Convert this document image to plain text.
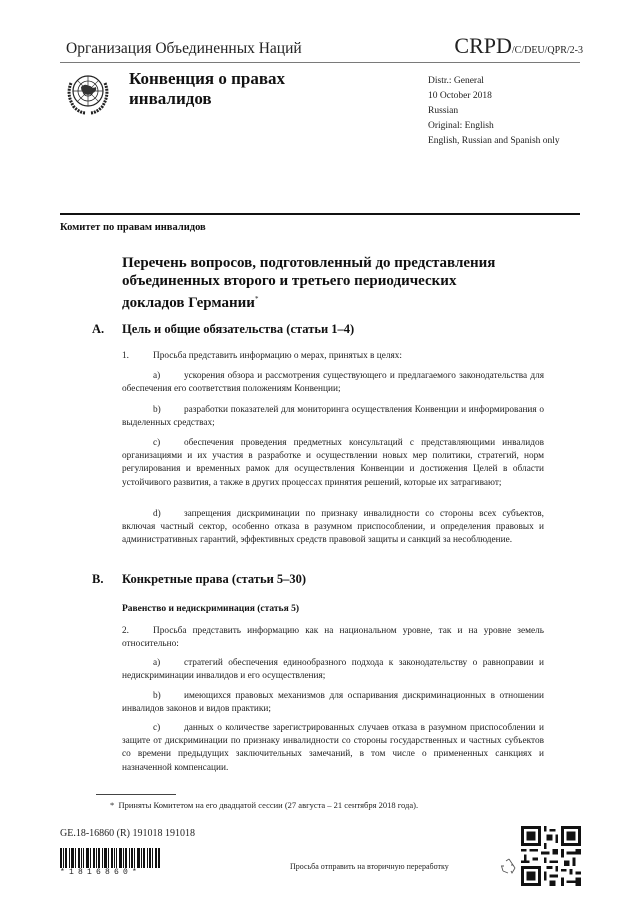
Организация Объединенных Наций	CRPD/C/DEU/QPR/2-3
Конвенция о правах
инвалидов
Distr.: General
10 October 2018
Russian
Original: English
English, Russian and Spanish only
Комитет по правам инвалидов
Перечень вопросов, подготовленный до представления
объединенных второго и третьего периодических
докладов Германии*
A. Цель и общие обязательства (статьи 1–4)
1.	Просьба представить информацию о мерах, принятых в целях:
a)	ускорения обзора и рассмотрения существующего и предлагаемого законодательства для обеспечения его соответствия положениям Конвенции;
b)	разработки показателей для мониторинга осуществления Конвенции и информирования о выделенных средствах;
c)	обеспечения проведения предметных консультаций с представляющими инвалидов организациями и их участия в разработке и осуществлении новых мер политики, стратегий, норм регулирования и временных рамок для осуществления Конвенции и достижения Целей в области устойчивого развития, а также в других процессах принятия решений, которые их затрагивают;
d)	запрещения дискриминации по признаку инвалидности со стороны всех субъектов, включая частный сектор, особенно отказа в разумном приспособлении, и определения правовых и административных гарантий, эффективных средств правовой защиты и санкций за несоблюдение.
B. Конкретные права (статьи 5–30)
Равенство и недискриминация (статья 5)
2.	Просьба представить информацию как на национальном уровне, так и на уровне земель относительно:
a)	стратегий обеспечения единообразного подхода к законодательству о равноправии и недискриминации инвалидов и его осуществления;
b)	имеющихся правовых механизмов для оспаривания дискриминационных в отношении инвалидов законов и видов практики;
c)	данных о количестве зарегистрированных случаев отказа в разумном приспособлении и защите от дискриминации по признаку инвалидности со стороны государственных и частных субъектов со времени предыдущих заключительных замечаний, в том числе о примененных санкциях и назначенной компенсации.
* Приняты Комитетом на его двадцатой сессии (27 августа – 21 сентября 2018 года).
GE.18-16860 (R) 191018 191018
*1816860*
Просьба отправить на вторичную переработку
